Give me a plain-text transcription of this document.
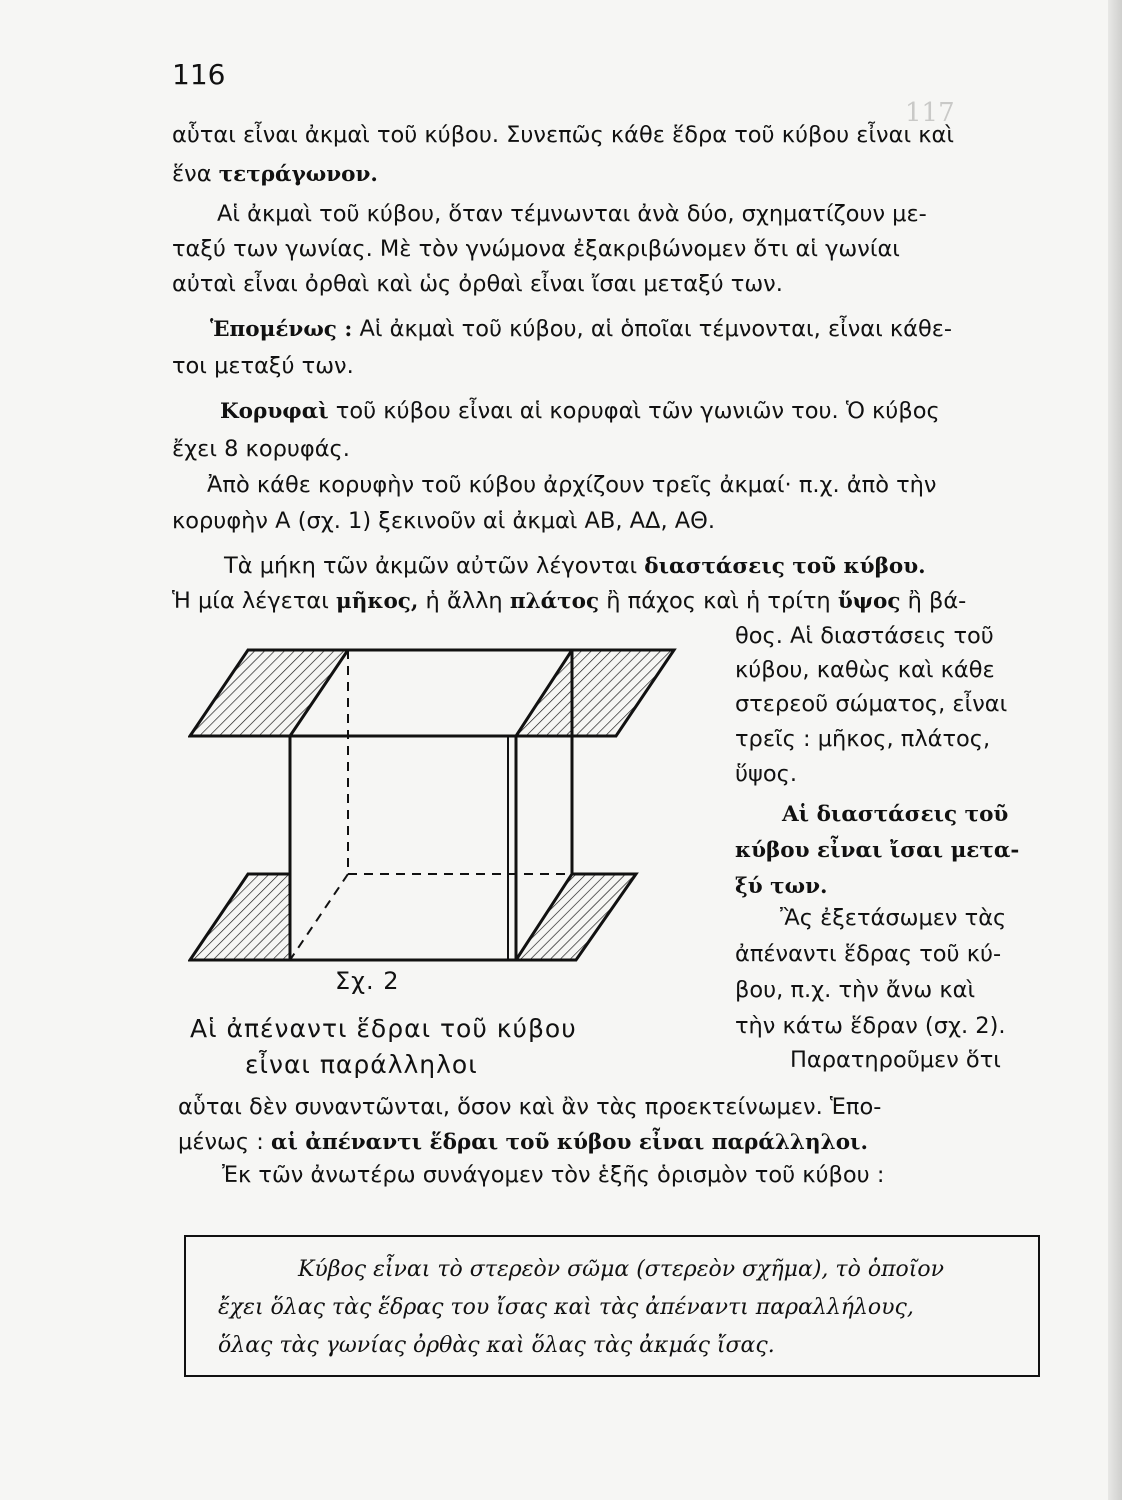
117
116
αὗται εἶναι ἀκμαὶ τοῦ κύβου. Συνεπῶς κάθε ἕδρα τοῦ κύβου εἶναι καὶ
ἕνα τετράγωνον.
Αἱ ἀκμαὶ τοῦ κύβου, ὅταν τέμνωνται ἀνὰ δύο, σχηματίζουν με-
ταξύ των γωνίας. Μὲ τὸν γνώμονα ἐξακριβώνομεν ὅτι αἱ γωνίαι
αὐταὶ εἶναι ὀρθαὶ καὶ ὡς ὀρθαὶ εἶναι ἴσαι μεταξύ των.
Ἑπομένως : Αἱ ἀκμαὶ τοῦ κύβου, αἱ ὁποῖαι τέμνονται, εἶναι κάθε-
τοι μεταξύ των.
Κορυφαὶ τοῦ κύβου εἶναι αἱ κορυφαὶ τῶν γωνιῶν του. Ὁ κύβος
ἔχει 8 κορυφάς.
Ἀπὸ κάθε κορυφὴν τοῦ κύβου ἀρχίζουν τρεῖς ἀκμαί· π.χ. ἀπὸ τὴν
κορυφὴν Α (σχ. 1) ξεκινοῦν αἱ ἀκμαὶ ΑΒ, ΑΔ, ΑΘ.
Τὰ μήκη τῶν ἀκμῶν αὐτῶν λέγονται διαστάσεις τοῦ κύβου.
Ἡ μία λέγεται μῆκος, ἡ ἄλλη πλάτος ἢ πάχος καὶ ἡ τρίτη ὕψος ἢ βά-
θος. Αἱ διαστάσεις τοῦ
κύβου, καθὼς καὶ κάθε
στερεοῦ σώματος, εἶναι
τρεῖς : μῆκος, πλάτος,
ὕψος.
Αἱ διαστάσεις τοῦ
κύβου εἶναι ἴσαι μετα-
ξύ των.
Ἂς ἐξετάσωμεν τὰς
ἀπέναντι ἕδρας τοῦ κύ-
βου, π.χ. τὴν ἄνω καὶ
τὴν κάτω ἕδραν (σχ. 2).
Παρατηροῦμεν ὅτι
Σχ. 2
Αἱ ἀπέναντι ἕδραι τοῦ κύβου
εἶναι παράλληλοι
αὗται δὲν συναντῶνται, ὅσον καὶ ἂν τὰς προεκτείνωμεν. Ἑπο-
μένως : αἱ ἀπέναντι ἕδραι τοῦ κύβου εἶναι παράλληλοι.
Ἐκ τῶν ἀνωτέρω συνάγομεν τὸν ἑξῆς ὁρισμὸν τοῦ κύβου :
Κύβος εἶναι τὸ στερεὸν σῶμα (στερεὸν σχῆμα), τὸ ὁποῖον
ἔχει ὅλας τὰς ἕδρας του ἴσας καὶ τὰς ἀπέναντι παραλλήλους,
ὅλας τὰς γωνίας ὀρθὰς καὶ ὅλας τὰς ἀκμάς ἴσας.
